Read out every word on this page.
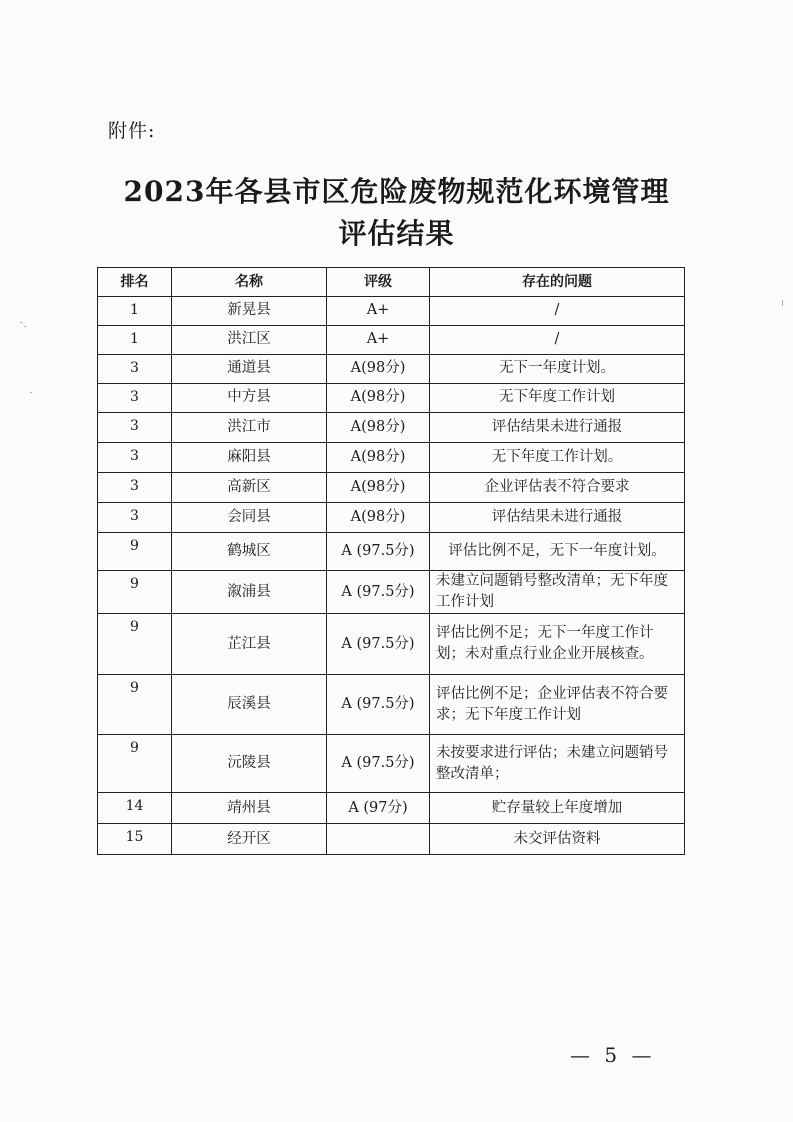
附件:
2023年各县市区危险废物规范化环境管理
评估结果
排名	名称	评级	存在的问题
1	新晃县	A+	/
1	洪江区	A+	/
3	通道县	A(98分)	无下一年度计划。
3	中方县	A(98分)	无下年度工作计划
3	洪江市	A(98分)	评估结果未进行通报
3	麻阳县	A(98分)	无下年度工作计划。
3	高新区	A(98分)	企业评估表不符合要求
3	会同县	A(98分)	评估结果未进行通报
9	鹤城区	A (97.5分)	评估比例不足，无下一年度计划。
9	溆浦县	A (97.5分)	未建立问题销号整改清单；无下年度工作计划
9	芷江县	A (97.5分)	评估比例不足；无下一年度工作计划；未对重点行业企业开展核查。
9	辰溪县	A (97.5分)	评估比例不足；企业评估表不符合要求；无下年度工作计划
9	沅陵县	A (97.5分)	未按要求进行评估；未建立问题销号整改清单；
14	靖州县	A (97分)	贮存量较上年度增加
15	经开区		未交评估资料
— 5 —
